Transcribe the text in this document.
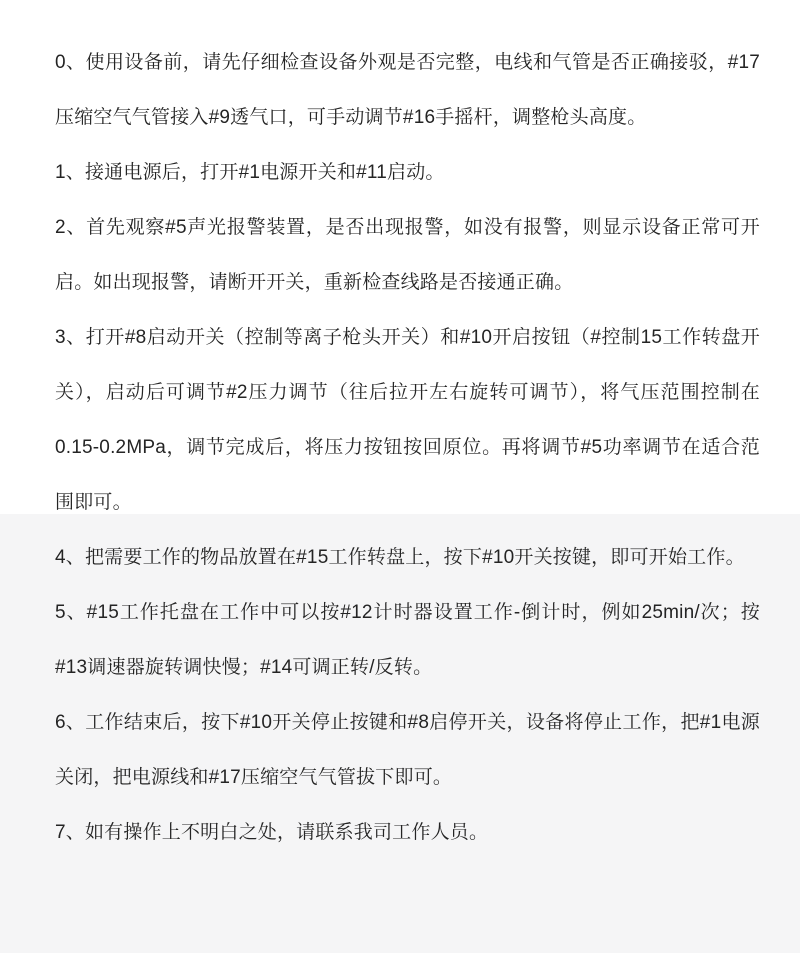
0、使用设备前，请先仔细检查设备外观是否完整，电线和气管是否正确接驳，#17
压缩空气气管接入#9透气口，可手动调节#16手摇杆，调整枪头高度。
1、接通电源后，打开#1电源开关和#11启动。
2、首先观察#5声光报警装置，是否出现报警，如没有报警，则显示设备正常可开
启。如出现报警，请断开开关，重新检查线路是否接通正确。
3、打开#8启动开关（控制等离子枪头开关）和#10开启按钮（#控制15工作转盘开
关），启动后可调节#2压力调节（往后拉开左右旋转可调节），将气压范围控制在
0.15-0.2MPa，调节完成后，将压力按钮按回原位。再将调节#5功率调节在适合范
围即可。
4、把需要工作的物品放置在#15工作转盘上，按下#10开关按键，即可开始工作。
5、#15工作托盘在工作中可以按#12计时器设置工作-倒计时，例如25min/次；按
#13调速器旋转调快慢；#14可调正转/反转。
6、工作结束后，按下#10开关停止按键和#8启停开关，设备将停止工作，把#1电源
关闭，把电源线和#17压缩空气气管拔下即可。
7、如有操作上不明白之处，请联系我司工作人员。
